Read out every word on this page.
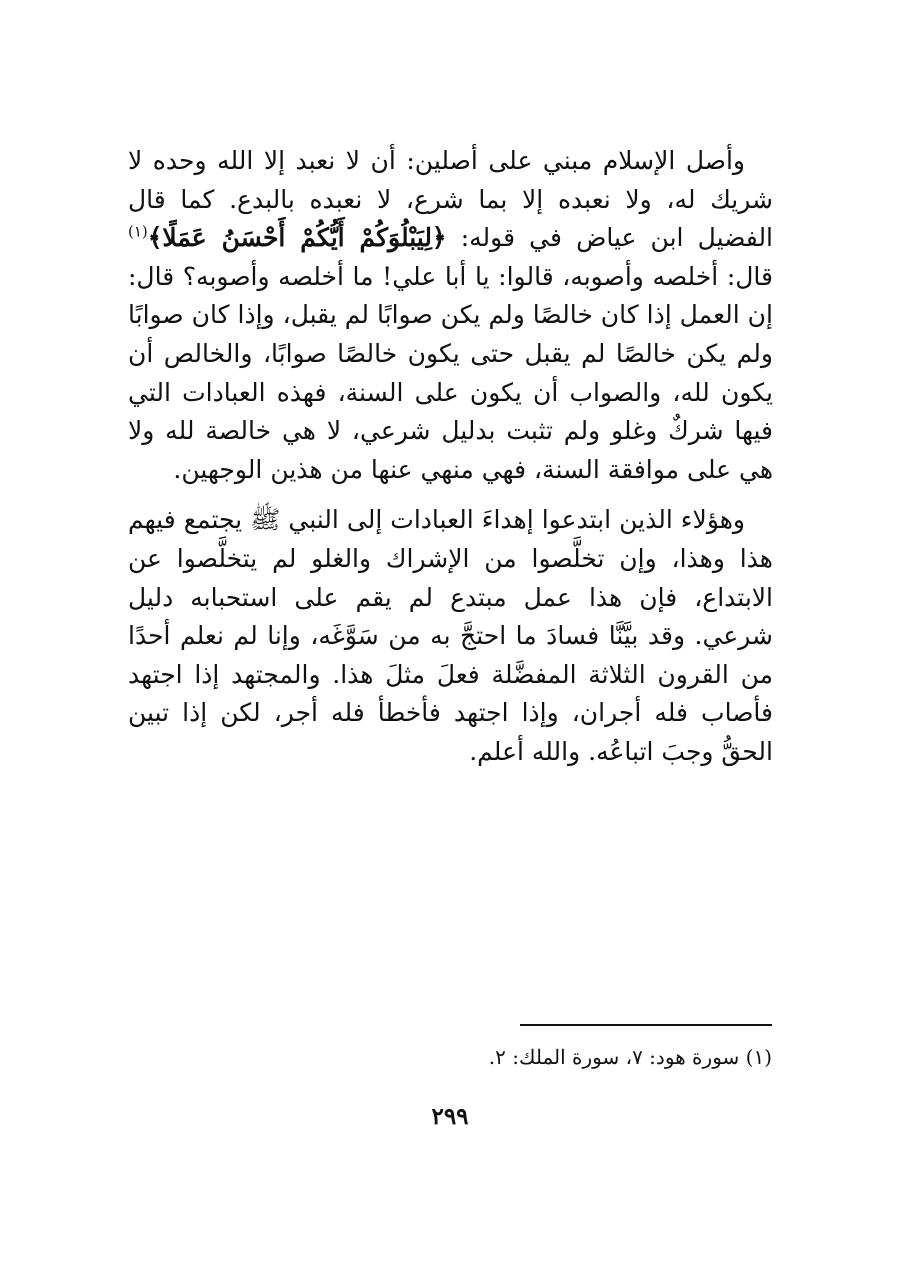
وأصل الإسلام مبني على أصلين: أن لا نعبد إلا الله وحده لا شريك له، ولا نعبده إلا بما شرع، لا نعبده بالبدع. كما قال الفضيل ابن عياض في قوله: ﴿لِيَبْلُوَكُمْ أَيُّكُمْ أَحْسَنُ عَمَلًا﴾$^{(١)}$ قال: أخلصه وأصوبه، قالوا: يا أبا علي! ما أخلصه وأصوبه؟ قال: إن العمل إذا كان خالصًا ولم يكن صوابًا لم يقبل، وإذا كان صوابًا ولم يكن خالصًا لم يقبل حتى يكون خالصًا صوابًا، والخالص أن يكون لله، والصواب أن يكون على السنة، فهذه العبادات التي فيها شركٌ وغلو ولم تثبت بدليل شرعي، لا هي خالصة لله ولا هي على موافقة السنة، فهي منهي عنها من هذين الوجهين.

وهؤلاء الذين ابتدعوا إهداءَ العبادات إلى النبي ﷺ يجتمع فيهم هذا وهذا، وإن تخلَّصوا من الإشراك والغلو لم يتخلَّصوا عن الابتداع، فإن هذا عمل مبتدع لم يقم على استحبابه دليل شرعي. وقد بيَّنَّا فسادَ ما احتجَّ به من سَوَّغَه، وإنا لم نعلم أحدًا من القرون الثلاثة المفضَّلة فعلَ مثلَ هذا. والمجتهد إذا اجتهد فأصاب فله أجران، وإذا اجتهد فأخطأ فله أجر، لكن إذا تبين الحقُّ وجبَ اتباعُه. والله أعلم.

(١) سورة هود: ٧، سورة الملك: ٢.
٢٩٩
